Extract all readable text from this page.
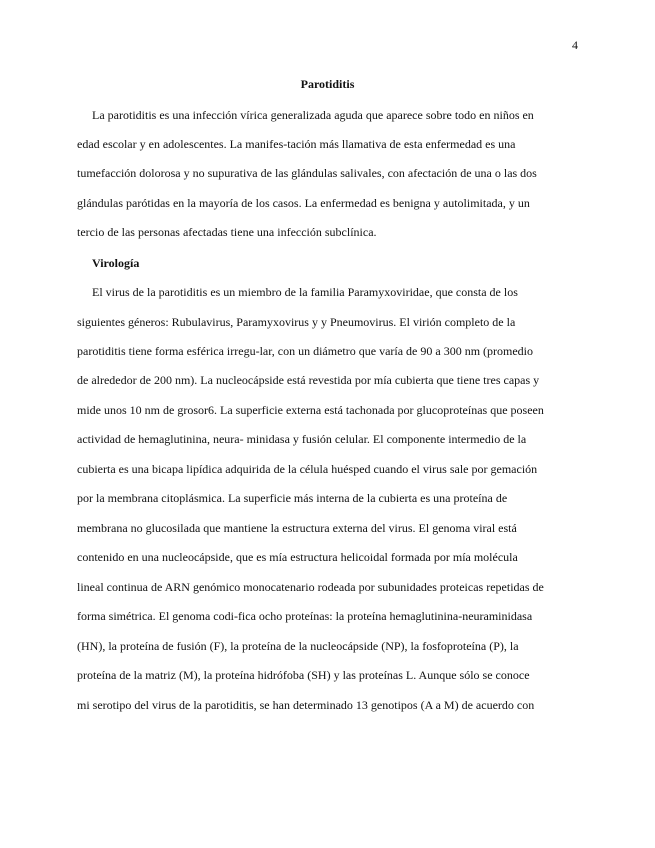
4
Parotiditis
La parotiditis es una infección vírica generalizada aguda que aparece sobre todo en niños en
edad escolar y en adolescentes. La manifes-tación más llamativa de esta enfermedad es una
tumefacción dolorosa y no supurativa de las glándulas salivales, con afectación de una o las dos
glándulas parótidas en la mayoría de los casos. La enfermedad es benigna y autolimitada, y un
tercio de las personas afectadas tiene una infección subclínica.
Virología
El virus de la parotiditis es un miembro de la familia Paramyxoviridae, que consta de los
siguientes géneros: Rubulavirus, Paramyxovirus y y Pneumovirus. El virión completo de la
parotiditis tiene forma esférica irregu-lar, con un diámetro que varía de 90 a 300 nm (promedio
de alrededor de 200 nm). La nucleocápside está revestida por mía cubierta que tiene tres capas y
mide unos 10 nm de grosor6. La superficie externa está tachonada por glucoproteínas que poseen
actividad de hemaglutinina, neura- minidasa y fusión celular. El componente intermedio de la
cubierta es una bicapa lipídica adquirida de la célula huésped cuando el virus sale por gemación
por la membrana citoplásmica. La superficie más interna de la cubierta es una proteína de
membrana no glucosilada que mantiene la estructura externa del virus. El genoma viral está
contenido en una nucleocápside, que es mía estructura helicoidal formada por mía molécula
lineal continua de ARN genómico monocatenario rodeada por subunidades proteicas repetidas de
forma simétrica. El genoma codi-fica ocho proteínas: la proteína hemaglutinina-neuraminidasa
(HN), la proteína de fusión (F), la proteína de la nucleocápside (NP), la fosfoproteína (P), la
proteína de la matriz (M), la proteína hidrófoba (SH) y las proteínas L. Aunque sólo se conoce
mi serotipo del virus de la parotiditis, se han determinado 13 genotipos (A a M) de acuerdo con
